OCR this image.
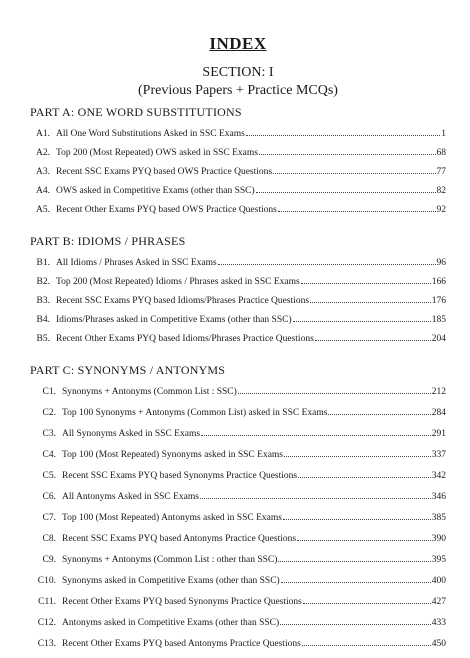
INDEX
SECTION: I
(Previous Papers + Practice MCQs)
PART A: ONE WORD SUBSTITUTIONS
A1. All One Word Substitutions Asked in SSC Exams	1
A2. Top 200 (Most Repeated) OWS asked in SSC Exams	68
A3. Recent SSC Exams PYQ based OWS Practice Questions	77
A4. OWS asked in Competitive Exams (other than SSC)	82
A5. Recent Other Exams PYQ based OWS Practice Questions	92
PART B: IDIOMS / PHRASES
B1. All Idioms / Phrases Asked in SSC Exams	96
B2. Top 200 (Most Repeated) Idioms / Phrases asked in SSC Exams	166
B3. Recent SSC Exams PYQ based Idioms/Phrases Practice Questions	176
B4. Idioms/Phrases asked in Competitive Exams (other than SSC)	185
B5. Recent Other Exams PYQ based Idioms/Phrases Practice Questions	204
PART C: SYNONYMS / ANTONYMS
C1. Synonyms + Antonyms (Common List : SSC)	212
C2. Top 100 Synonyms + Antonyms (Common List) asked in SSC Exams	284
C3. All Synonyms Asked in SSC Exams	291
C4. Top 100 (Most Repeated) Synonyms asked in SSC Exams	337
C5. Recent SSC Exams PYQ based Synonyms Practice Questions	342
C6. All Antonyms Asked in SSC Exams	346
C7. Top 100 (Most Repeated) Antonyms asked in SSC Exams	385
C8. Recent SSC Exams PYQ based Antonyms Practice Questions	390
C9. Synonyms + Antonyms (Common List : other than SSC)	395
C10. Synonyms asked in Competitive Exams (other than SSC)	400
C11. Recent Other Exams PYQ based Synonyms Practice Questions	427
C12. Antonyms asked in Competitive Exams (other than SSC)	433
C13. Recent Other Exams PYQ based Antonyms Practice Questions	450
